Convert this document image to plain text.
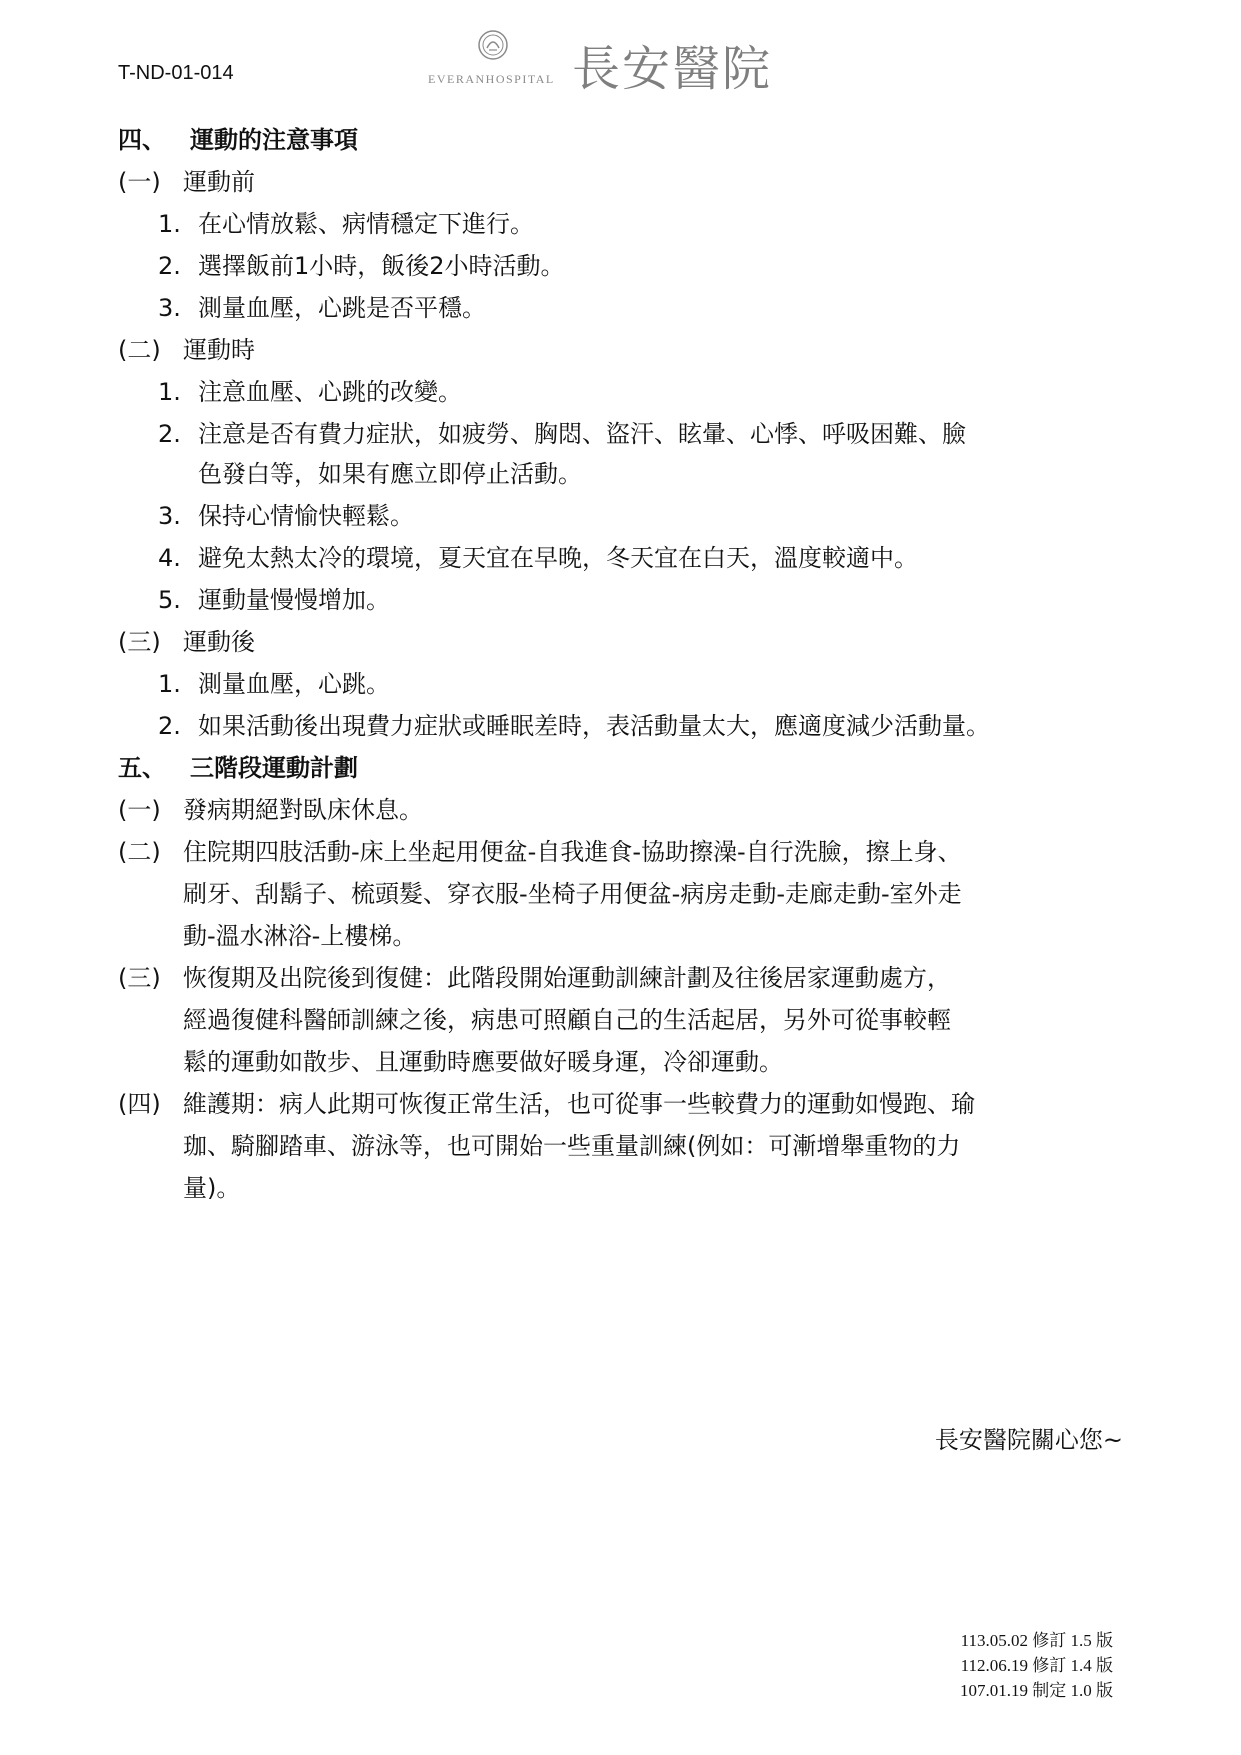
T-ND-01-014	EVERANHOSPITAL 長安醫院
四、 運動的注意事項
(一) 運動前
1. 在心情放鬆、病情穩定下進行。
2. 選擇飯前1小時，飯後2小時活動。
3. 測量血壓，心跳是否平穩。
(二) 運動時
1. 注意血壓、心跳的改變。
2. 注意是否有費力症狀，如疲勞、胸悶、盜汗、眩暈、心悸、呼吸困難、臉
色發白等，如果有應立即停止活動。
3. 保持心情愉快輕鬆。
4. 避免太熱太冷的環境，夏天宜在早晚，冬天宜在白天，溫度較適中。
5. 運動量慢慢增加。
(三) 運動後
1. 測量血壓，心跳。
2. 如果活動後出現費力症狀或睡眠差時，表活動量太大，應適度減少活動量。
五、 三階段運動計劃
(一) 發病期絕對臥床休息。
(二) 住院期四肢活動-床上坐起用便盆-自我進食-協助擦澡-自行洗臉，擦上身、
刷牙、刮鬍子、梳頭髮、穿衣服-坐椅子用便盆-病房走動-走廊走動-室外走
動-溫水淋浴-上樓梯。
(三) 恢復期及出院後到復健：此階段開始運動訓練計劃及往後居家運動處方，
經過復健科醫師訓練之後，病患可照顧自己的生活起居，另外可從事較輕
鬆的運動如散步、且運動時應要做好暖身運，冷卻運動。
(四) 維護期：病人此期可恢復正常生活，也可從事一些較費力的運動如慢跑、瑜
珈、騎腳踏車、游泳等，也可開始一些重量訓練(例如：可漸增舉重物的力
量)。
長安醫院關心您~
113.05.02 修訂 1.5 版
112.06.19 修訂 1.4 版
107.01.19 制定 1.0 版
